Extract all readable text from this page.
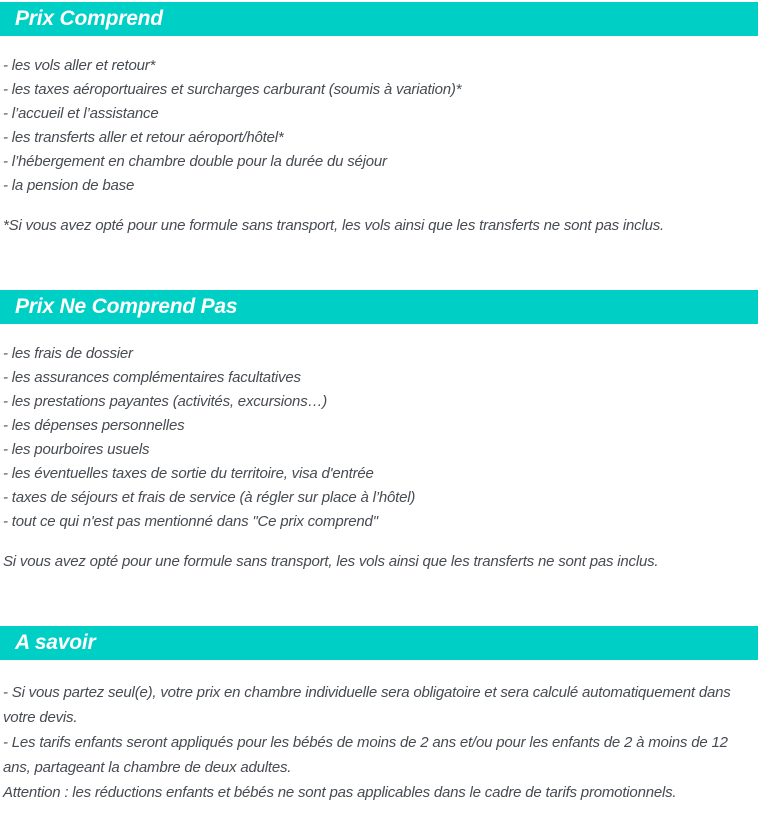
Prix Comprend
- les vols aller et retour*
- les taxes aéroportuaires et surcharges carburant (soumis à variation)*
- l’accueil et l’assistance
- les transferts aller et retour aéroport/hôtel*
- l’hébergement en chambre double pour la durée du séjour
- la pension de base
*Si vous avez opté pour une formule sans transport, les vols ainsi que les transferts ne sont pas inclus.
Prix Ne Comprend Pas
- les frais de dossier
- les assurances complémentaires facultatives
- les prestations payantes (activités, excursions…)
- les dépenses personnelles
- les pourboires usuels
- les éventuelles taxes de sortie du territoire, visa d'entrée
- taxes de séjours et frais de service (à régler sur place à l’hôtel)
- tout ce qui n'est pas mentionné dans "Ce prix comprend"
Si vous avez opté pour une formule sans transport, les vols ainsi que les transferts ne sont pas inclus.
A savoir
- Si vous partez seul(e), votre prix en chambre individuelle sera obligatoire et sera calculé automatiquement dans votre devis.
- Les tarifs enfants seront appliqués pour les bébés de moins de 2 ans et/ou pour les enfants de 2 à moins de 12 ans, partageant la chambre de deux adultes.
Attention : les réductions enfants et bébés ne sont pas applicables dans le cadre de tarifs promotionnels.
